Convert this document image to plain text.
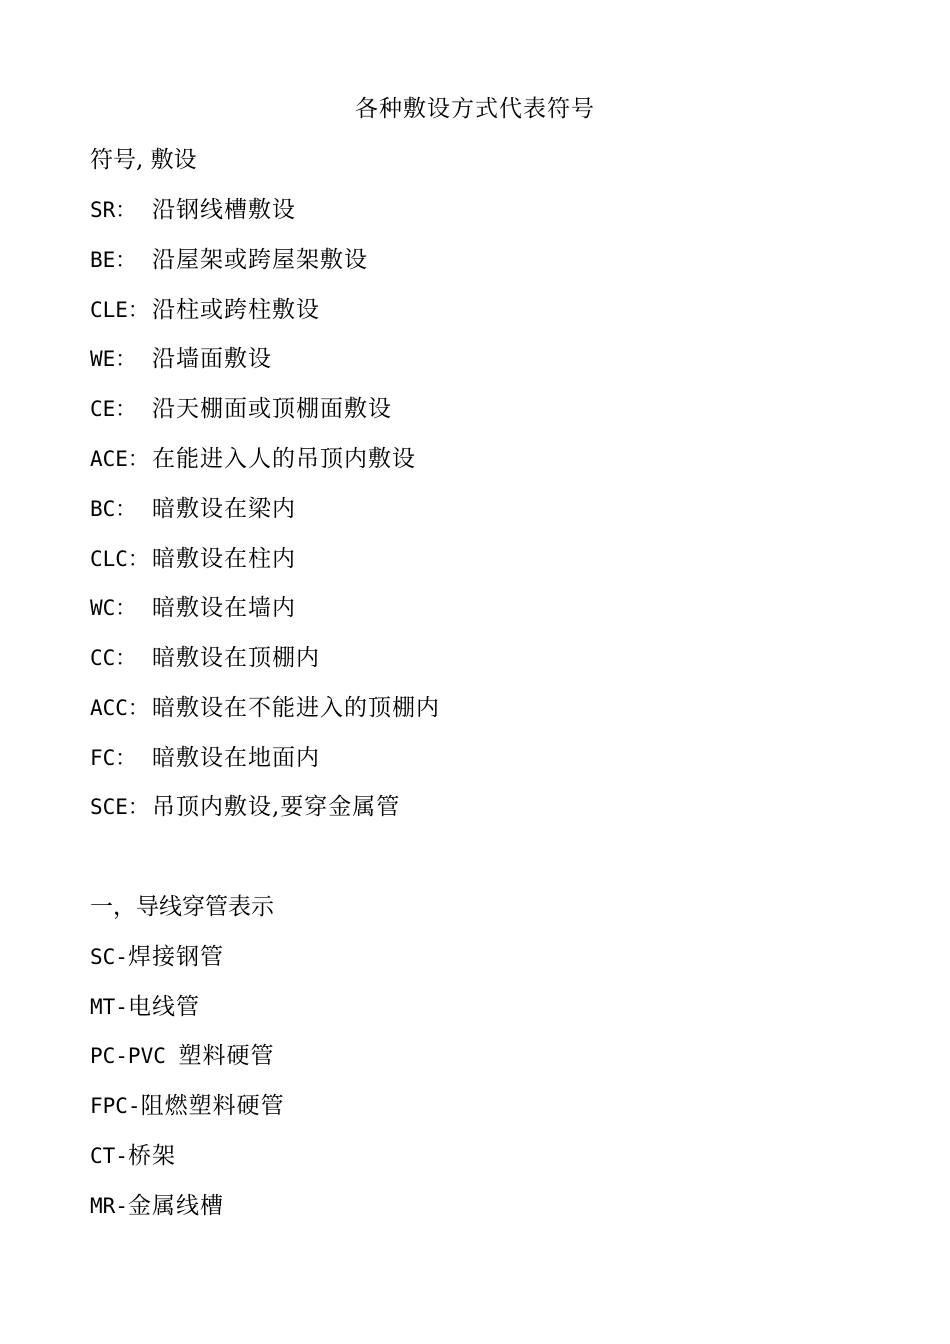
各种敷设方式代表符号
符号, 敷设
SR： 沿钢线槽敷设
BE： 沿屋架或跨屋架敷设
CLE： 沿柱或跨柱敷设
WE： 沿墙面敷设
CE： 沿天棚面或顶棚面敷设
ACE： 在能进入人的吊顶内敷设
BC： 暗敷设在梁内
CLC： 暗敷设在柱内
WC： 暗敷设在墙内
CC： 暗敷设在顶棚内
ACC： 暗敷设在不能进入的顶棚内
FC： 暗敷设在地面内
SCE： 吊顶内敷设,要穿金属管
一，导线穿管表示
SC-焊接钢管
MT-电线管
PC-PVC 塑料硬管
FPC-阻燃塑料硬管
CT-桥架
MR-金属线槽
